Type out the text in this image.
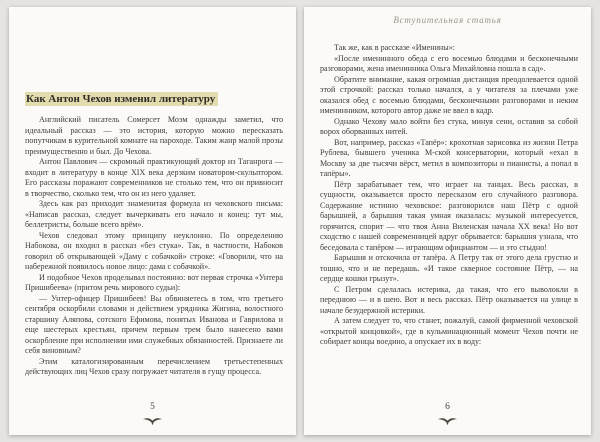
Как Антон Чехов изменил литературу

Английский писатель Сомерсет Моэм однажды заметил, что идеальный рассказ — это история, которую можно пересказать попутчикам в курительной комнате на пароходе. Таким жанр малой прозы преимущественно и был. До Чехова.

Антон Павлович — скромный практикующий доктор из Таганрога — входит в литературу в конце XIX века дерзким новатором-скульптором. Его рассказы поражают современников не столько тем, что он привносит в творчество, сколько тем, что он из него удаляет.

Здесь как раз приходит знаменитая формула из чеховского письма: «Написав рассказ, следует вычеркивать его начало и конец: тут мы, беллетристы, больше всего врём».

Чехов следовал этому принципу неуклонно. По определению Набокова, он входил в рассказ «без стука». Так, в частности, Набоков говорил об открывающей «Даму с собачкой» строке: «Говорили, что на набережной появилось новое лицо: дама с собачкой».

И подобное Чехов проделывал постоянно: вот первая строчка «Унтера Пришибеева» (притом речь мирового судьи):

— Унтер-офицер Пришибеев! Вы обвиняетесь в том, что третьего сентября оскорбили словами и действием урядника Жигина, волостного старшину Аляпова, сотского Ефимова, понятых Иванова и Гаврилова и еще шестерых крестьян, причем первым трем было нанесено вами оскорбление при исполнении ими служебных обязанностей. Признаете ли себя виновным?

Этим каталогизированным перечислением третьестепенных действующих лиц Чехов сразу погружает читателя в гущу процесса.

5
Вступительная статья

Так же, как в рассказе «Именины»:

«После именинного обеда с его восемью блюдами и бесконечными разговорами, жена именинника Ольга Михайловна пошла в сад».

Обратите внимание, какая огромная дистанция преодолевается одной этой строчкой: рассказ только начался, а у читателя за плечами уже оказался обед с восемью блюдами, бесконечными разговорами и неким именинником, которого автор даже не ввел в кадр.

Однако Чехову мало войти без стука, минуя сени, оставив за собой ворох оборванных нитей.

Вот, например, рассказ «Тапёр»: крохотная зарисовка из жизни Петра Рублева, бывшего ученика М-ской консерватории, который «ехал в Москву за две тысячи вёрст, метил в композиторы и пианисты, а попал в тапёры».

Пётр зарабатывает тем, что играет на танцах. Весь рассказ, в сущности, оказывается просто пересказом его случайного разговора. Содержание истинно чеховское: разговорился наш Пётр с одной барышней, а барышня такая умная оказалась: музыкой интересуется, горячится, спорит — что твоя Анна Виленская начала XX века! Но вот сходство с нашей современницей вдруг обрывается: барышня узнала, что беседовала с тапёром — играющим официантом — и это стыдно!

Барышня и отскочила от тапёра. А Петру так от этого дела грустно и тошно, что и не передашь. «И такое скверное состояние Пётр, — на сердце кошки грызут».

С Петром сделалась истерика, да такая, что его выволокли в переднюю — и в шею. Вот и весь рассказ. Пётр оказывается на улице в начале безудержной истерики.

А затем следует то, что станет, пожалуй, самой фирменной чеховской «открытой концовкой», где в кульминационный момент Чехов почти не собирает концы воедино, а опускает их в воду:

6
